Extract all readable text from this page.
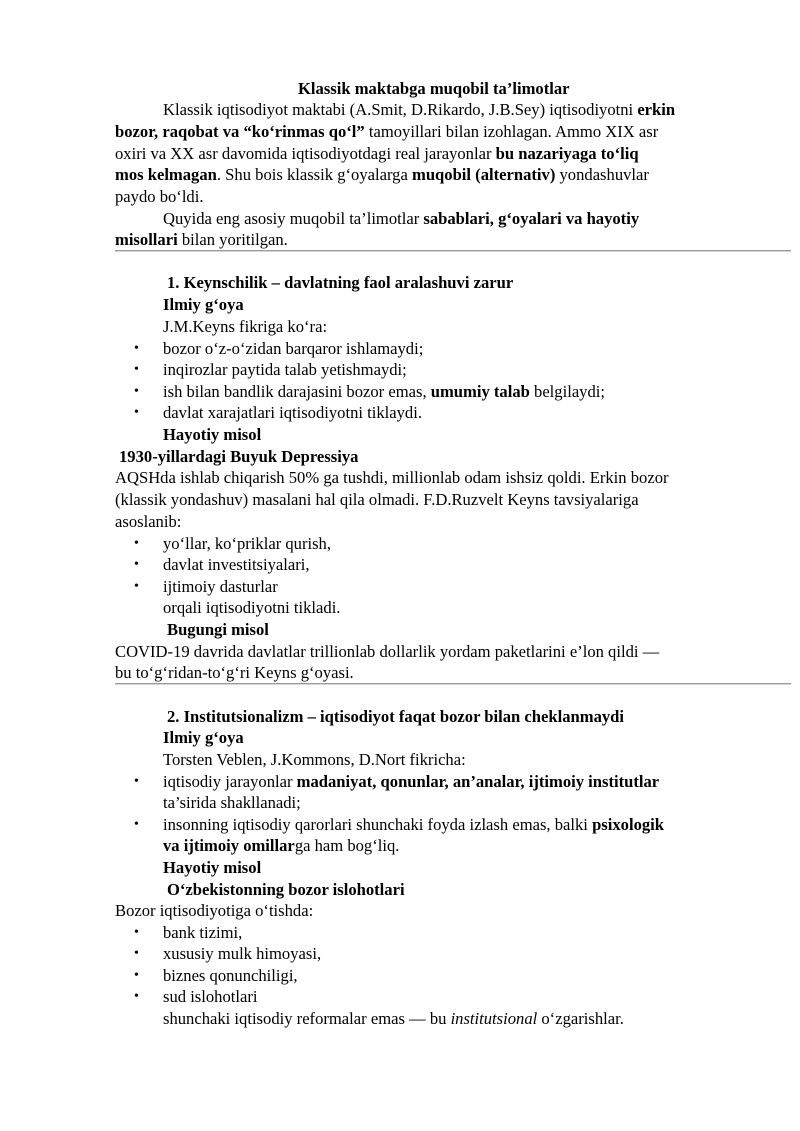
Klassik maktabga muqobil ta’limotlar
Klassik iqtisodiyot maktabi (A.Smit, D.Rikardo, J.B.Sey) iqtisodiyotni erkin
bozor, raqobat va “ko‘rinmas qo‘l” tamoyillari bilan izohlagan. Ammo XIX asr
oxiri va XX asr davomida iqtisodiyotdagi real jarayonlar bu nazariyaga to‘liq
mos kelmagan. Shu bois klassik g‘oyalarga muqobil (alternativ) yondashuvlar
paydo bo‘ldi.
Quyida eng asosiy muqobil ta’limotlar sabablari, g‘oyalari va hayotiy
misollari bilan yoritilgan.
1. Keynschilik – davlatning faol aralashuvi zarur
Ilmiy g‘oya
J.M.Keyns fikriga ko‘ra:
•	bozor o‘z-o‘zidan barqaror ishlamaydi;
•	inqirozlar paytida talab yetishmaydi;
•	ish bilan bandlik darajasini bozor emas, umumiy talab belgilaydi;
•	davlat xarajatlari iqtisodiyotni tiklaydi.
Hayotiy misol
1930-yillardagi Buyuk Depressiya
AQSHda ishlab chiqarish 50% ga tushdi, millionlab odam ishsiz qoldi. Erkin bozor
(klassik yondashuv) masalani hal qila olmadi. F.D.Ruzvelt Keyns tavsiyalariga
asoslanib:
•	yo‘llar, ko‘priklar qurish,
•	davlat investitsiyalari,
•	ijtimoiy dasturlar
orqali iqtisodiyotni tikladi.
Bugungi misol
COVID-19 davrida davlatlar trillionlab dollarlik yordam paketlarini e’lon qildi —
bu to‘g‘ridan-to‘g‘ri Keyns g‘oyasi.
2. Institutsionalizm – iqtisodiyot faqat bozor bilan cheklanmaydi
Ilmiy g‘oya
Torsten Veblen, J.Kommons, D.Nort fikricha:
•	iqtisodiy jarayonlar madaniyat, qonunlar, an’analar, ijtimoiy institutlar
ta’sirida shakllanadi;
•	insonning iqtisodiy qarorlari shunchaki foyda izlash emas, balki psixologik
va ijtimoiy omillarga ham bog‘liq.
Hayotiy misol
O‘zbekistonning bozor islohotlari
Bozor iqtisodiyotiga o‘tishda:
•	bank tizimi,
•	xususiy mulk himoyasi,
•	biznes qonunchiligi,
•	sud islohotlari
shunchaki iqtisodiy reformalar emas — bu institutsional o‘zgarishlar.
